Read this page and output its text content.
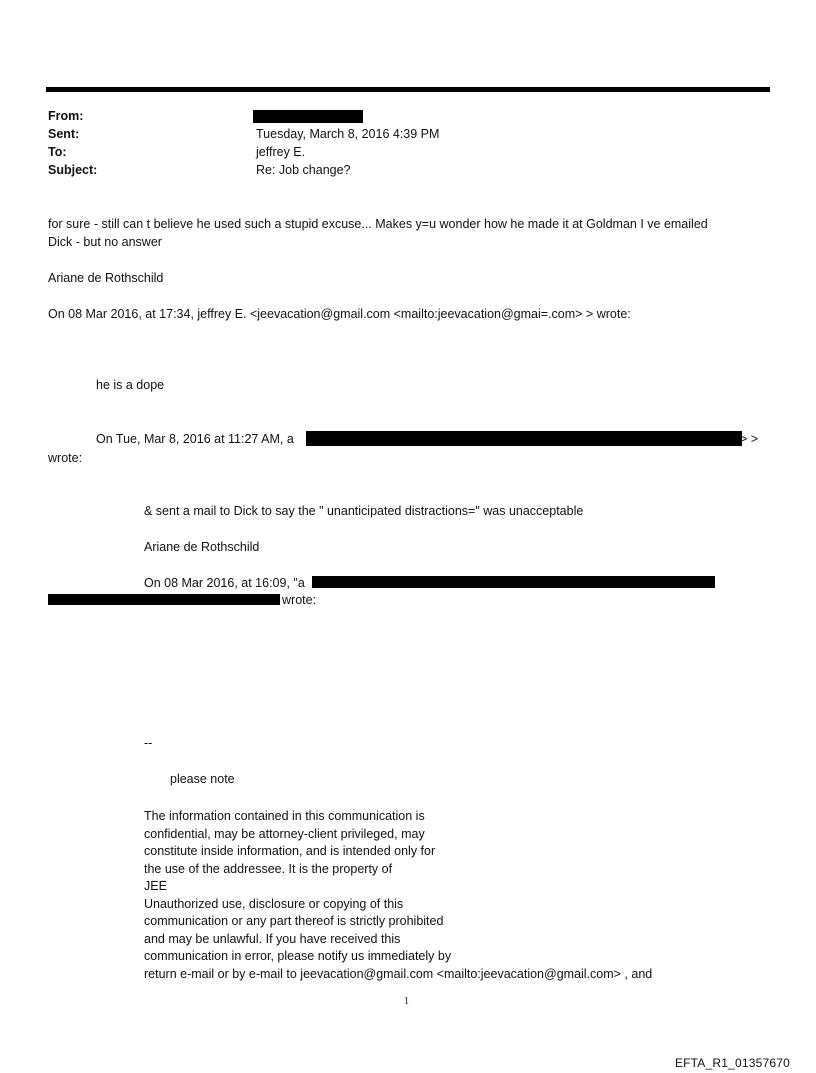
From:
Sent:	Tuesday, March 8, 2016 4:39 PM
To:	jeffrey E.
Subject:	Re: Job change?
for sure - still can t believe he used such a stupid excuse... Makes y=u wonder how he made it at Goldman I ve emailed
Dick - but no answer
Ariane de Rothschild
On 08 Mar 2016, at 17:34, jeffrey E. <jeevacation@gmail.com <mailto:jeevacation@gmai=.com> > wrote:
he is a dope
On Tue, Mar 8, 2016 at 11:27 AM, a	> >
wrote:
& sent a mail to Dick to say the " unanticipated distractions=" was unacceptable
Ariane de Rothschild
On 08 Mar 2016, at 16:09, "a
wrote:
--
please note
The information contained in this communication is
confidential, may be attorney-client privileged, may
constitute inside information, and is intended only for
the use of the addressee. It is the property of
JEE
Unauthorized use, disclosure or copying of this
communication or any part thereof is strictly prohibited
and may be unlawful. If you have received this
communication in error, please notify us immediately by
return e-mail or by e-mail to jeevacation@gmail.com <mailto:jeevacation@gmail.com> , and
1
EFTA_R1_01357670
